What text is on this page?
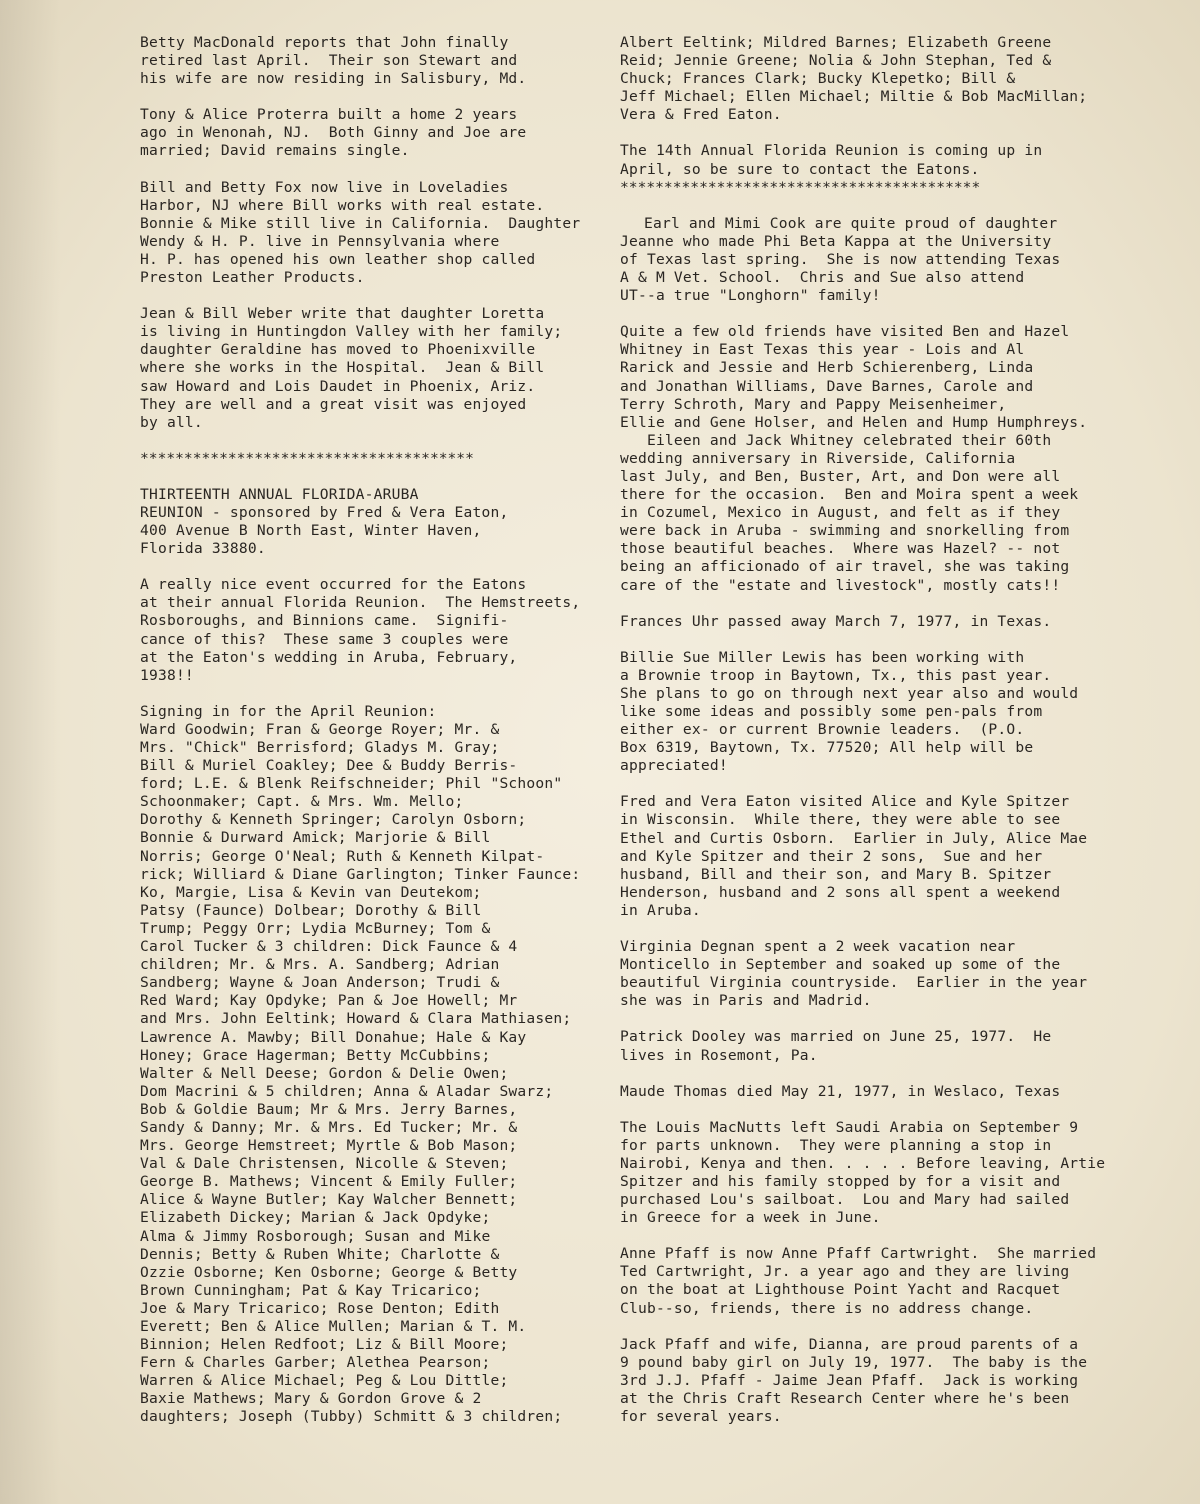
Betty MacDonald reports that John finally
retired last April.  Their son Stewart and
his wife are now residing in Salisbury, Md.
Tony & Alice Proterra built a home 2 years
ago in Wenonah, NJ.  Both Ginny and Joe are
married; David remains single.
Bill and Betty Fox now live in Loveladies
Harbor, NJ where Bill works with real estate.
Bonnie & Mike still live in California.  Daughter
Wendy & H. P. live in Pennsylvania where
H. P. has opened his own leather shop called
Preston Leather Products.
Jean & Bill Weber write that daughter Loretta
is living in Huntingdon Valley with her family;
daughter Geraldine has moved to Phoenixville
where she works in the Hospital.  Jean & Bill
saw Howard and Lois Daudet in Phoenix, Ariz.
They are well and a great visit was enjoyed
by all.
**************************************
THIRTEENTH ANNUAL FLORIDA-ARUBA
REUNION - sponsored by Fred & Vera Eaton,
400 Avenue B North East, Winter Haven,
Florida 33880.
A really nice event occurred for the Eatons
at their annual Florida Reunion.  The Hemstreets,
Rosboroughs, and Binnions came.  Signifi-
cance of this?  These same 3 couples were
at the Eaton's wedding in Aruba, February,
1938!!
Signing in for the April Reunion:
Ward Goodwin; Fran & George Royer; Mr. &
Mrs. "Chick" Berrisford; Gladys M. Gray;
Bill & Muriel Coakley; Dee & Buddy Berris-
ford; L.E. & Blenk Reifschneider; Phil "Schoon"
Schoonmaker; Capt. & Mrs. Wm. Mello;
Dorothy & Kenneth Springer; Carolyn Osborn;
Bonnie & Durward Amick; Marjorie & Bill
Norris; George O'Neal; Ruth & Kenneth Kilpat-
rick; Williard & Diane Garlington; Tinker Faunce:
Ko, Margie, Lisa & Kevin van Deutekom;
Patsy (Faunce) Dolbear; Dorothy & Bill
Trump; Peggy Orr; Lydia McBurney; Tom &
Carol Tucker & 3 children: Dick Faunce & 4
children; Mr. & Mrs. A. Sandberg; Adrian
Sandberg; Wayne & Joan Anderson; Trudi &
Red Ward; Kay Opdyke; Pan & Joe Howell; Mr
and Mrs. John Eeltink; Howard & Clara Mathiasen;
Lawrence A. Mawby; Bill Donahue; Hale & Kay
Honey; Grace Hagerman; Betty McCubbins;
Walter & Nell Deese; Gordon & Delie Owen;
Dom Macrini & 5 children; Anna & Aladar Swarz;
Bob & Goldie Baum; Mr & Mrs. Jerry Barnes,
Sandy & Danny; Mr. & Mrs. Ed Tucker; Mr. &
Mrs. George Hemstreet; Myrtle & Bob Mason;
Val & Dale Christensen, Nicolle & Steven;
George B. Mathews; Vincent & Emily Fuller;
Alice & Wayne Butler; Kay Walcher Bennett;
Elizabeth Dickey; Marian & Jack Opdyke;
Alma & Jimmy Rosborough; Susan and Mike
Dennis; Betty & Ruben White; Charlotte &
Ozzie Osborne; Ken Osborne; George & Betty
Brown Cunningham; Pat & Kay Tricarico;
Joe & Mary Tricarico; Rose Denton; Edith
Everett; Ben & Alice Mullen; Marian & T. M.
Binnion; Helen Redfoot; Liz & Bill Moore;
Fern & Charles Garber; Alethea Pearson;
Warren & Alice Michael; Peg & Lou Dittle;
Baxie Mathews; Mary & Gordon Grove & 2
daughters; Joseph (Tubby) Schmitt & 3 children;
Albert Eeltink; Mildred Barnes; Elizabeth Greene
Reid; Jennie Greene; Nolia & John Stephan, Ted &
Chuck; Frances Clark; Bucky Klepetko; Bill &
Jeff Michael; Ellen Michael; Miltie & Bob MacMillan;
Vera & Fred Eaton.
The 14th Annual Florida Reunion is coming up in
April, so be sure to contact the Eatons.
*****************************************
Earl and Mimi Cook are quite proud of daughter
Jeanne who made Phi Beta Kappa at the University
of Texas last spring.  She is now attending Texas
A & M Vet. School.  Chris and Sue also attend
UT--a true "Longhorn" family!
Quite a few old friends have visited Ben and Hazel
Whitney in East Texas this year - Lois and Al
Rarick and Jessie and Herb Schierenberg, Linda
and Jonathan Williams, Dave Barnes, Carole and
Terry Schroth, Mary and Pappy Meisenheimer,
Ellie and Gene Holser, and Helen and Hump Humphreys.
Eileen and Jack Whitney celebrated their 60th
wedding anniversary in Riverside, California
last July, and Ben, Buster, Art, and Don were all
there for the occasion.  Ben and Moira spent a week
in Cozumel, Mexico in August, and felt as if they
were back in Aruba - swimming and snorkelling from
those beautiful beaches.  Where was Hazel? -- not
being an afficionado of air travel, she was taking
care of the "estate and livestock", mostly cats!!
Frances Uhr passed away March 7, 1977, in Texas.
Billie Sue Miller Lewis has been working with
a Brownie troop in Baytown, Tx., this past year.
She plans to go on through next year also and would
like some ideas and possibly some pen-pals from
either ex- or current Brownie leaders.  (P.O.
Box 6319, Baytown, Tx. 77520; All help will be
appreciated!
Fred and Vera Eaton visited Alice and Kyle Spitzer
in Wisconsin.  While there, they were able to see
Ethel and Curtis Osborn.  Earlier in July, Alice Mae
and Kyle Spitzer and their 2 sons,  Sue and her
husband, Bill and their son, and Mary B. Spitzer
Henderson, husband and 2 sons all spent a weekend
in Aruba.
Virginia Degnan spent a 2 week vacation near
Monticello in September and soaked up some of the
beautiful Virginia countryside.  Earlier in the year
she was in Paris and Madrid.
Patrick Dooley was married on June 25, 1977.  He
lives in Rosemont, Pa.
Maude Thomas died May 21, 1977, in Weslaco, Texas
The Louis MacNutts left Saudi Arabia on September 9
for parts unknown.  They were planning a stop in
Nairobi, Kenya and then. . . . . Before leaving, Artie
Spitzer and his family stopped by for a visit and
purchased Lou's sailboat.  Lou and Mary had sailed
in Greece for a week in June.
Anne Pfaff is now Anne Pfaff Cartwright.  She married
Ted Cartwright, Jr. a year ago and they are living
on the boat at Lighthouse Point Yacht and Racquet
Club--so, friends, there is no address change.
Jack Pfaff and wife, Dianna, are proud parents of a
9 pound baby girl on July 19, 1977.  The baby is the
3rd J.J. Pfaff - Jaime Jean Pfaff.  Jack is working
at the Chris Craft Research Center where he's been
for several years.
